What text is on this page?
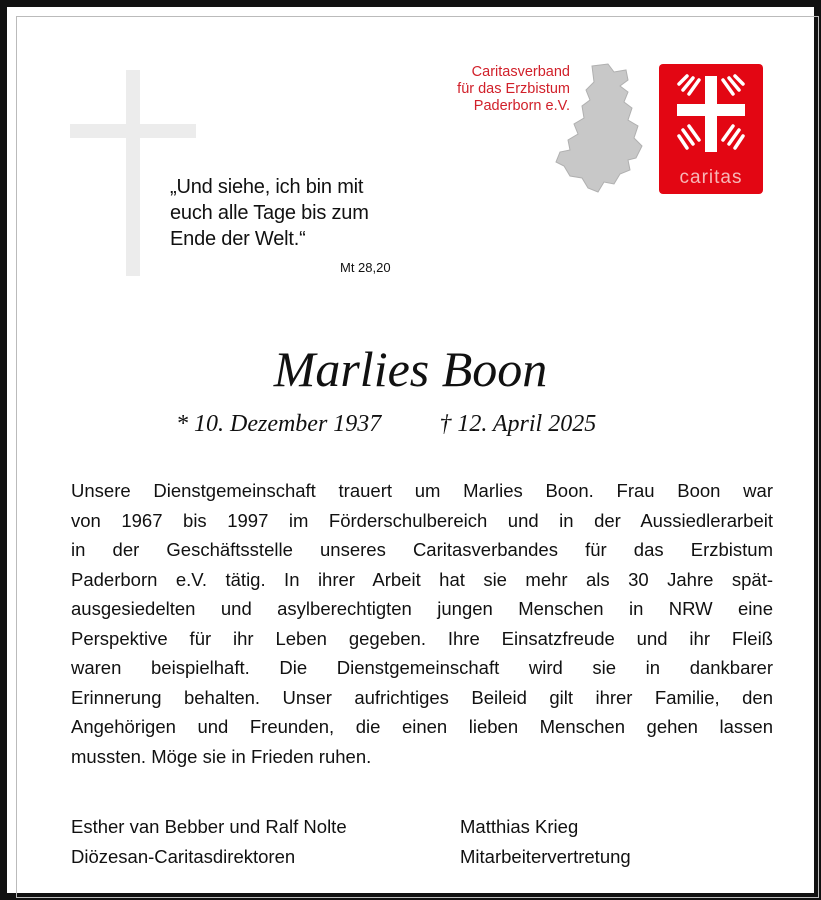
„Und siehe, ich bin mit
euch alle Tage bis zum
Ende der Welt.“
Mt 28,20
Caritasverband
für das Erzbistum
Paderborn e.V.
caritas
Marlies Boon
* 10. Dezember 1937 † 12. April 2025
Unsere Dienstgemeinschaft trauert um Marlies Boon. Frau Boon war
von 1967 bis 1997 im Förderschulbereich und in der Aussiedlerarbeit
in der Geschäftsstelle unseres Caritasverbandes für das Erzbistum
Paderborn e.V. tätig. In ihrer Arbeit hat sie mehr als 30 Jahre spät-
ausgesiedelten und asylberechtigten jungen Menschen in NRW eine
Perspektive für ihr Leben gegeben. Ihre Einsatzfreude und ihr Fleiß
waren beispielhaft. Die Dienstgemeinschaft wird sie in dankbarer
Erinnerung behalten. Unser aufrichtiges Beileid gilt ihrer Familie, den
Angehörigen und Freunden, die einen lieben Menschen gehen lassen
mussten. Möge sie in Frieden ruhen.
Esther van Bebber und Ralf Nolte
Diözesan-Caritasdirektoren
Matthias Krieg
Mitarbeitervertretung
